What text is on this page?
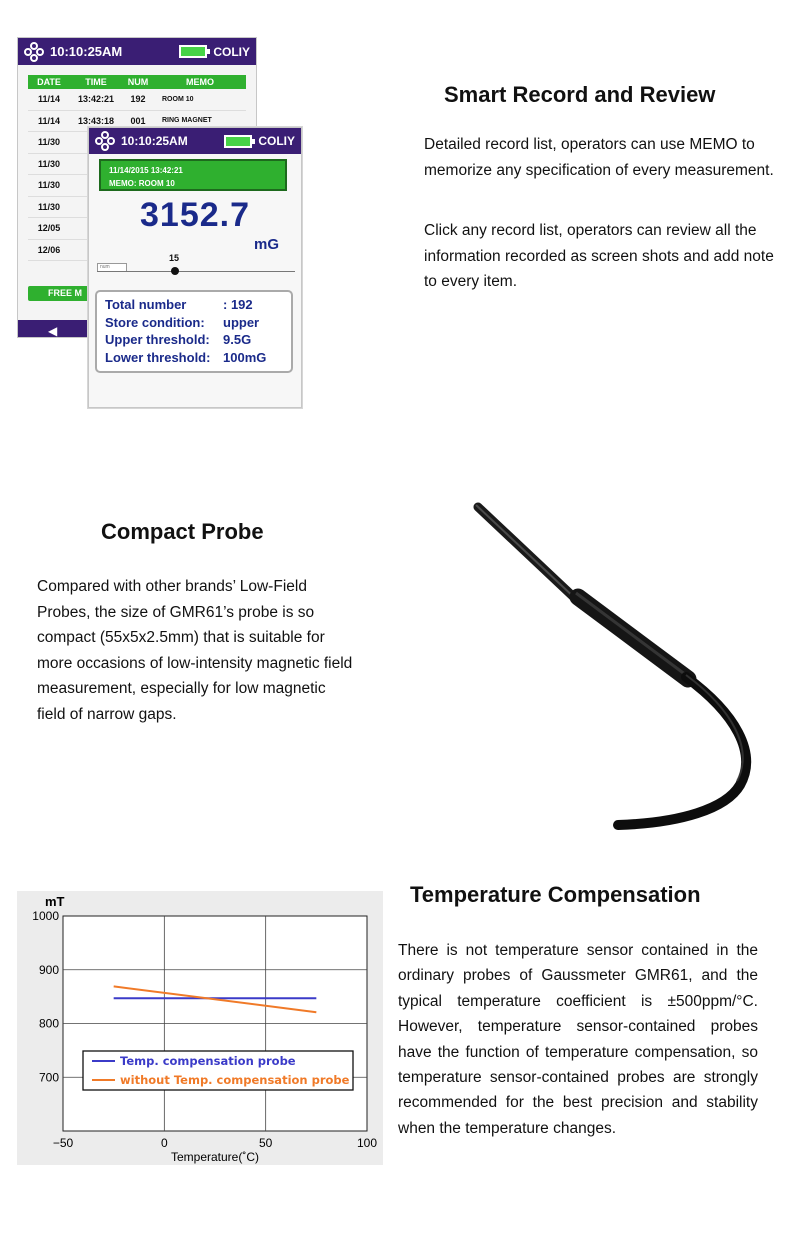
10:10:25AM	COLIY
DATE	TIME	NUM	MEMO
11/14	13:42:21	192	ROOM 10
11/14	13:43:18	001	RING MAGNET
11/30
11/30
11/30
11/30
12/05
12/06
FREE M
◀
10:10:25AM	COLIY
11/14/2015 13:42:21
MEMO: ROOM 10
3152.7
mG
num
15
Total number	: 192
Store condition:	upper
Upper threshold:	9.5G
Lower threshold: 100mG
Smart Record and Review
Detailed record list, operators can use MEMO to memorize any specification of every measurement.
Click any record list, operators can review all the information recorded as screen shots and add note to every item.
Compact Probe
Compared with other brands’ Low-Field Probes, the size of GMR61’s probe is so compact (55x5x2.5mm) that is suitable for more occasions of low-intensity magnetic field measurement, especially for low magnetic field of narrow gaps.
1000
900
800
700
−50	0	50	100
mT
Temperature(˚C)
Temp. compensation probe
without Temp. compensation probe
Temperature Compensation
There is not temperature sensor contained in the ordinary probes of Gaussmeter GMR61, and the typical temperature coefficient is ±500ppm/°C. However, temperature sensor-contained probes have the function of temperature compensation, so temperature sensor-contained probes are strongly recommended for the best precision and stability when the temperature changes.
